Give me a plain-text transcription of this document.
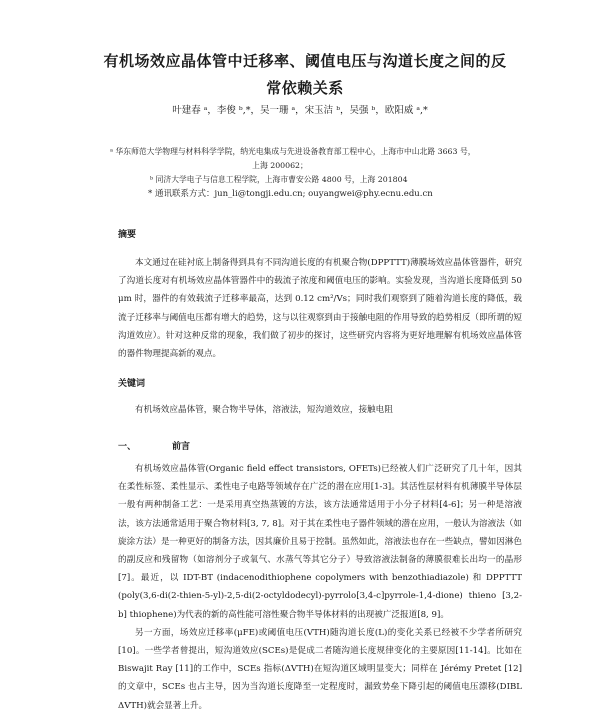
有机场效应晶体管中迁移率、阈值电压与沟道长度之间的反
常依赖关系
叶建春 ᵃ，李俊 ᵇ,*，吴一珊 ᵃ，宋玉洁 ᵇ，吴强 ᵇ，欧阳威 ᵃ,*
ᵃ 华东师范大学物理与材料科学学院，纳光电集成与先进设备教育部工程中心，上海市中山北路 3663 号，
上海 200062；
ᵇ 同济大学电子与信息工程学院，上海市曹安公路 4800 号，上海 201804
* 通讯联系方式：jun_li@tongji.edu.cn; ouyangwei@phy.ecnu.edu.cn
摘要

本文通过在硅衬底上制备得到具有不同沟道长度的有机聚合物(DPPTTT)薄膜场效应晶体管器件，研究了沟道长度对有机场效应晶体管器件中的载流子浓度和阈值电压的影响。实验发现，当沟道长度降低到 50 μm 时，器件的有效载流子迁移率最高，达到 0.12 cm²/Vs；同时我们观察到了随着沟道长度的降低，载流子迁移率与阈值电压都有增大的趋势，这与以往观察到由于接触电阻的作用导致的趋势相反（即所谓的短沟道效应）。针对这种反常的现象，我们做了初步的探讨，这些研究内容将为更好地理解有机场效应晶体管的器件物理提高新的观点。

关键词
有机场效应晶体管，聚合物半导体，溶液法，短沟道效应，接触电阻
一、	前言

有机场效应晶体管(Organic field effect transistors, OFETs)已经被人们广泛研究了几十年，因其在柔性标签、柔性显示、柔性电子电路等领域存在广泛的潜在应用[1-3]。其活性层材料有机薄膜半导体层一般有两种制备工艺：一是采用真空热蒸镀的方法，该方法通常适用于小分子材料[4-6]；另一种是溶液法，该方法通常适用于聚合物材料[3, 7, 8]。对于其在柔性电子器件领域的潜在应用，一般认为溶液法（如旋涂方法）是一种更好的制备方法，因其廉价且易于控制。虽然如此，溶液法也存在一些缺点，譬如因淋色的副反应和残留物（如溶剂分子或氧气、水蒸气等其它分子）导致溶液法制备的薄膜很难长出均一的晶形[7]。最近，以 IDT-BT (indacenodithiophene copolymers with benzothiadiazole) 和 DPPTTT (poly(3,6-di(2-thien-5-yl)-2,5-di(2-octyldodecyl)-pyrrolo[3,4-c]pyrrole-1,4-dione) thieno [3,2-b] thiophene)为代表的新的高性能可溶性聚合物半导体材料的出现被广泛报道[8, 9]。

另一方面，场效应迁移率(μFE)或阈值电压(VTH)随沟道长度(L)的变化关系已经被不少学者所研究[10]。一些学者曾提出，短沟道效应(SCEs)是促成二者随沟道长度规律变化的主要原因[11-14]。比如在 Biswajit Ray [11]的工作中，SCEs 指标(ΔVTH)在短沟道区域明显变大；同样在 Jérémy Pretet [12]的文章中，SCEs 也占主导，因为当沟道长度降至一定程度时，漏致势垒下降引起的阈值电压漂移(DIBL ΔVTH)就会显著上升。
